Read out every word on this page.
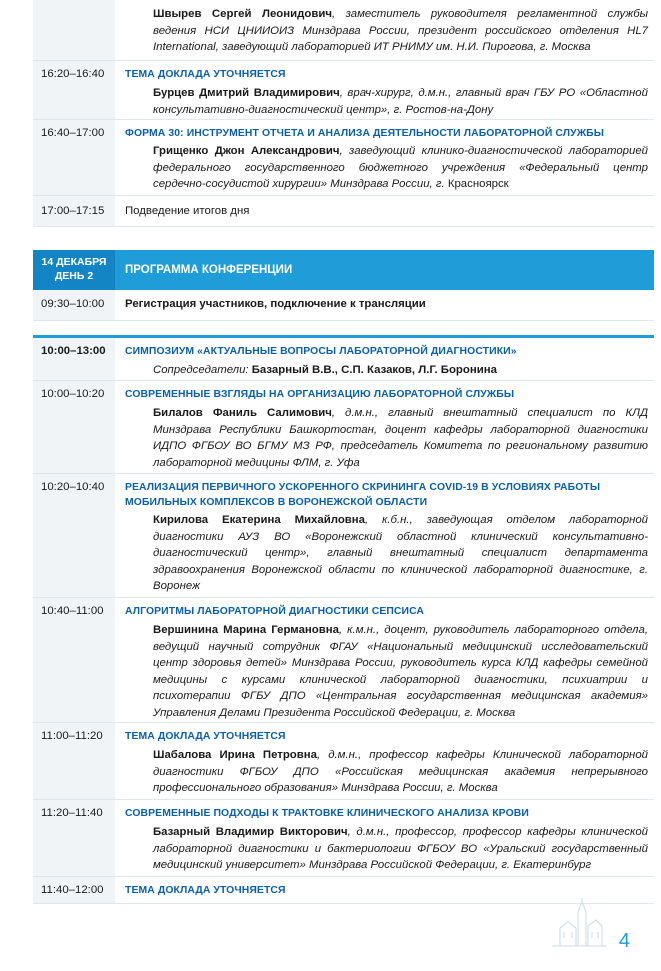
Швырев Сергей Леонидович, заместитель руководителя регламентной службы ведения НСИ ЦНИИОИЗ Минздрава России, президент российского отделения HL7 International, заведующий лабораторией ИТ РНИМУ им. Н.И. Пирогова, г. Москва
16:20–16:40	ТЕМА ДОКЛАДА УТОЧНЯЕТСЯ
Бурцев Дмитрий Владимирович, врач-хирург, д.м.н., главный врач ГБУ РО «Областной консультативно-диагностический центр», г. Ростов-на-Дону
16:40–17:00	ФОРМА 30: ИНСТРУМЕНТ ОТЧЕТА И АНАЛИЗА ДЕЯТЕЛЬНОСТИ ЛАБОРАТОРНОЙ СЛУЖБЫ
Грищенко Джон Александрович, заведующий клинико-диагностической лабораторией федерального государственного бюджетного учреждения «Федеральный центр сердечно-сосудистой хирургии» Минздрава России, г. Красноярск
17:00–17:15	Подведение итогов дня
14 ДЕКАБРЯ
ДЕНЬ 2	ПРОГРАММА КОНФЕРЕНЦИИ
09:30–10:00	Регистрация участников, подключение к трансляции
10:00–13:00	СИМПОЗИУМ «АКТУАЛЬНЫЕ ВОПРОСЫ ЛАБОРАТОРНОЙ ДИАГНОСТИКИ»
Сопредседатели: Базарный В.В., С.П. Казаков, Л.Г. Боронина
10:00–10:20	СОВРЕМЕННЫЕ ВЗГЛЯДЫ НА ОРГАНИЗАЦИЮ ЛАБОРАТОРНОЙ СЛУЖБЫ
Билалов Фаниль Салимович, д.м.н., главный внештатный специалист по КЛД Минздрава Республики Башкортостан, доцент кафедры лабораторной диагностики ИДПО ФГБОУ ВО БГМУ МЗ РФ, председатель Комитета по региональному развитию лабораторной медицины ФЛМ, г. Уфа
10:20–10:40	РЕАЛИЗАЦИЯ ПЕРВИЧНОГО УСКОРЕННОГО СКРИНИНГА COVID-19 В УСЛОВИЯХ РАБОТЫ МОБИЛЬНЫХ КОМПЛЕКСОВ В ВОРОНЕЖСКОЙ ОБЛАСТИ
Кирилова Екатерина Михайловна, к.б.н., заведующая отделом лабораторной диагностики АУЗ ВО «Воронежский областной клинический консультативно-диагностический центр», главный внештатный специалист департамента здравоохранения Воронежской области по клинической лабораторной диагностике, г. Воронеж
10:40–11:00	АЛГОРИТМЫ ЛАБОРАТОРНОЙ ДИАГНОСТИКИ СЕПСИСА
Вершинина Марина Германовна, к.м.н., доцент, руководитель лабораторного отдела, ведущий научный сотрудник ФГАУ «Национальный медицинский исследовательский центр здоровья детей» Минздрава России, руководитель курса КЛД кафедры семейной медицины с курсами клинической лабораторной диагностики, психиатрии и психотерапии ФГБУ ДПО «Центральная государственная медицинская академия» Управления Делами Президента Российской Федерации, г. Москва
11:00–11:20	ТЕМА ДОКЛАДА УТОЧНЯЕТСЯ
Шабалова Ирина Петровна, д.м.н., профессор кафедры Клинической лабораторной диагностики ФГБОУ ДПО «Российская медицинская академия непрерывного профессионального образования» Минздрава России, г. Москва
11:20–11:40	СОВРЕМЕННЫЕ ПОДХОДЫ К ТРАКТОВКЕ КЛИНИЧЕСКОГО АНАЛИЗА КРОВИ
Базарный Владимир Викторович, д.м.н., профессор, профессор кафедры клинической лабораторной диагностики и бактериологии ФГБОУ ВО «Уральский государственный медицинский университет» Минздрава Российской Федерации, г. Екатеринбург
11:40–12:00	ТЕМА ДОКЛАДА УТОЧНЯЕТСЯ
4
